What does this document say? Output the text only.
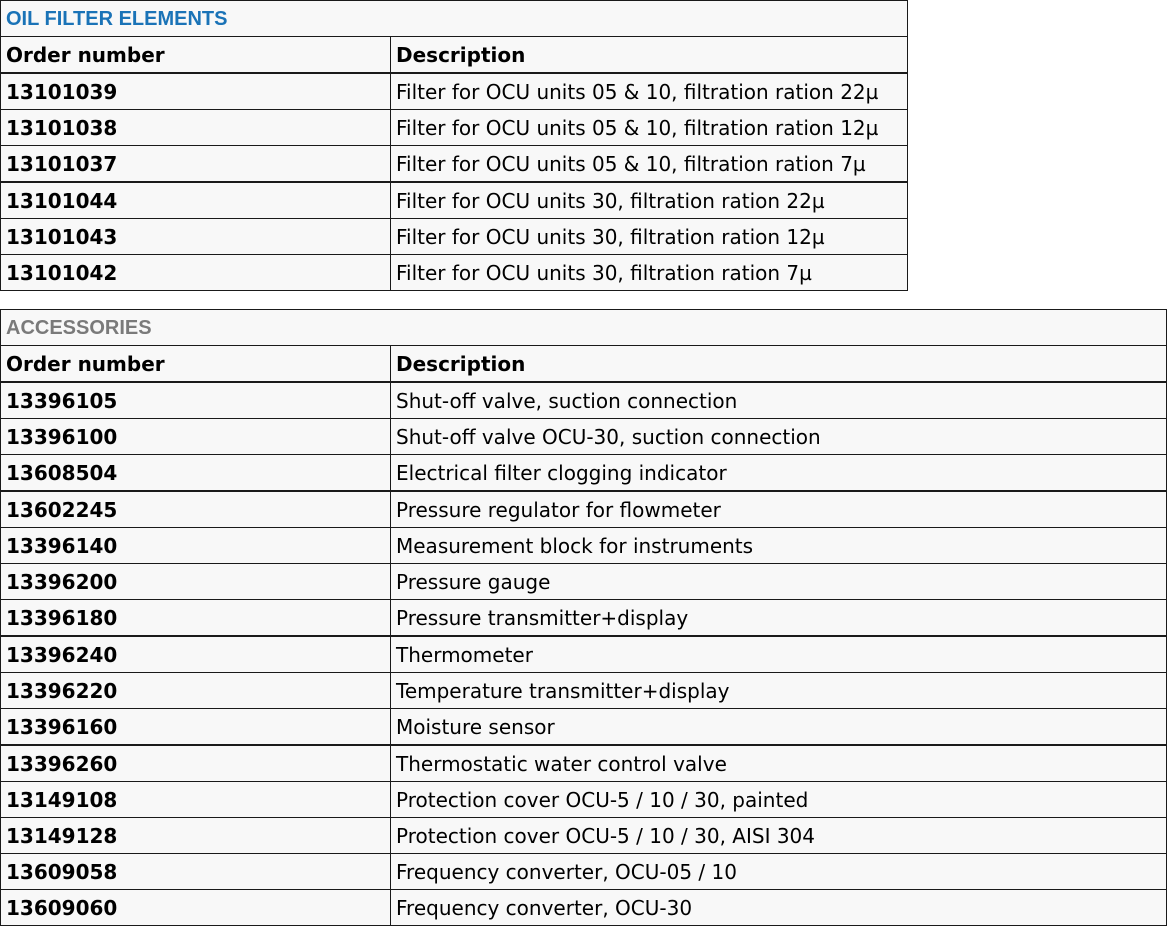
OIL FILTER ELEMENTS	
Order number	Description
13101039	Filter for OCU units 05 & 10, filtration ration 22µ
13101038	Filter for OCU units 05 & 10, filtration ration 12µ
13101037	Filter for OCU units 05 & 10, filtration ration 7µ
13101044	Filter for OCU units 30, filtration ration 22µ
13101043	Filter for OCU units 30, filtration ration 12µ
13101042	Filter for OCU units 30, filtration ration 7µ
ACCESSORIES	
Order number	Description
13396105	Shut-off valve, suction connection
13396100	Shut-off valve OCU-30, suction connection
13608504	Electrical filter clogging indicator
13602245	Pressure regulator for flowmeter
13396140	Measurement block for instruments
13396200	Pressure gauge
13396180	Pressure transmitter+display
13396240	Thermometer
13396220	Temperature transmitter+display
13396160	Moisture sensor
13396260	Thermostatic water control valve
13149108	Protection cover OCU-5 / 10 / 30, painted
13149128	Protection cover OCU-5 / 10 / 30, AISI 304
13609058	Frequency converter, OCU-05 / 10
13609060	Frequency converter, OCU-30
